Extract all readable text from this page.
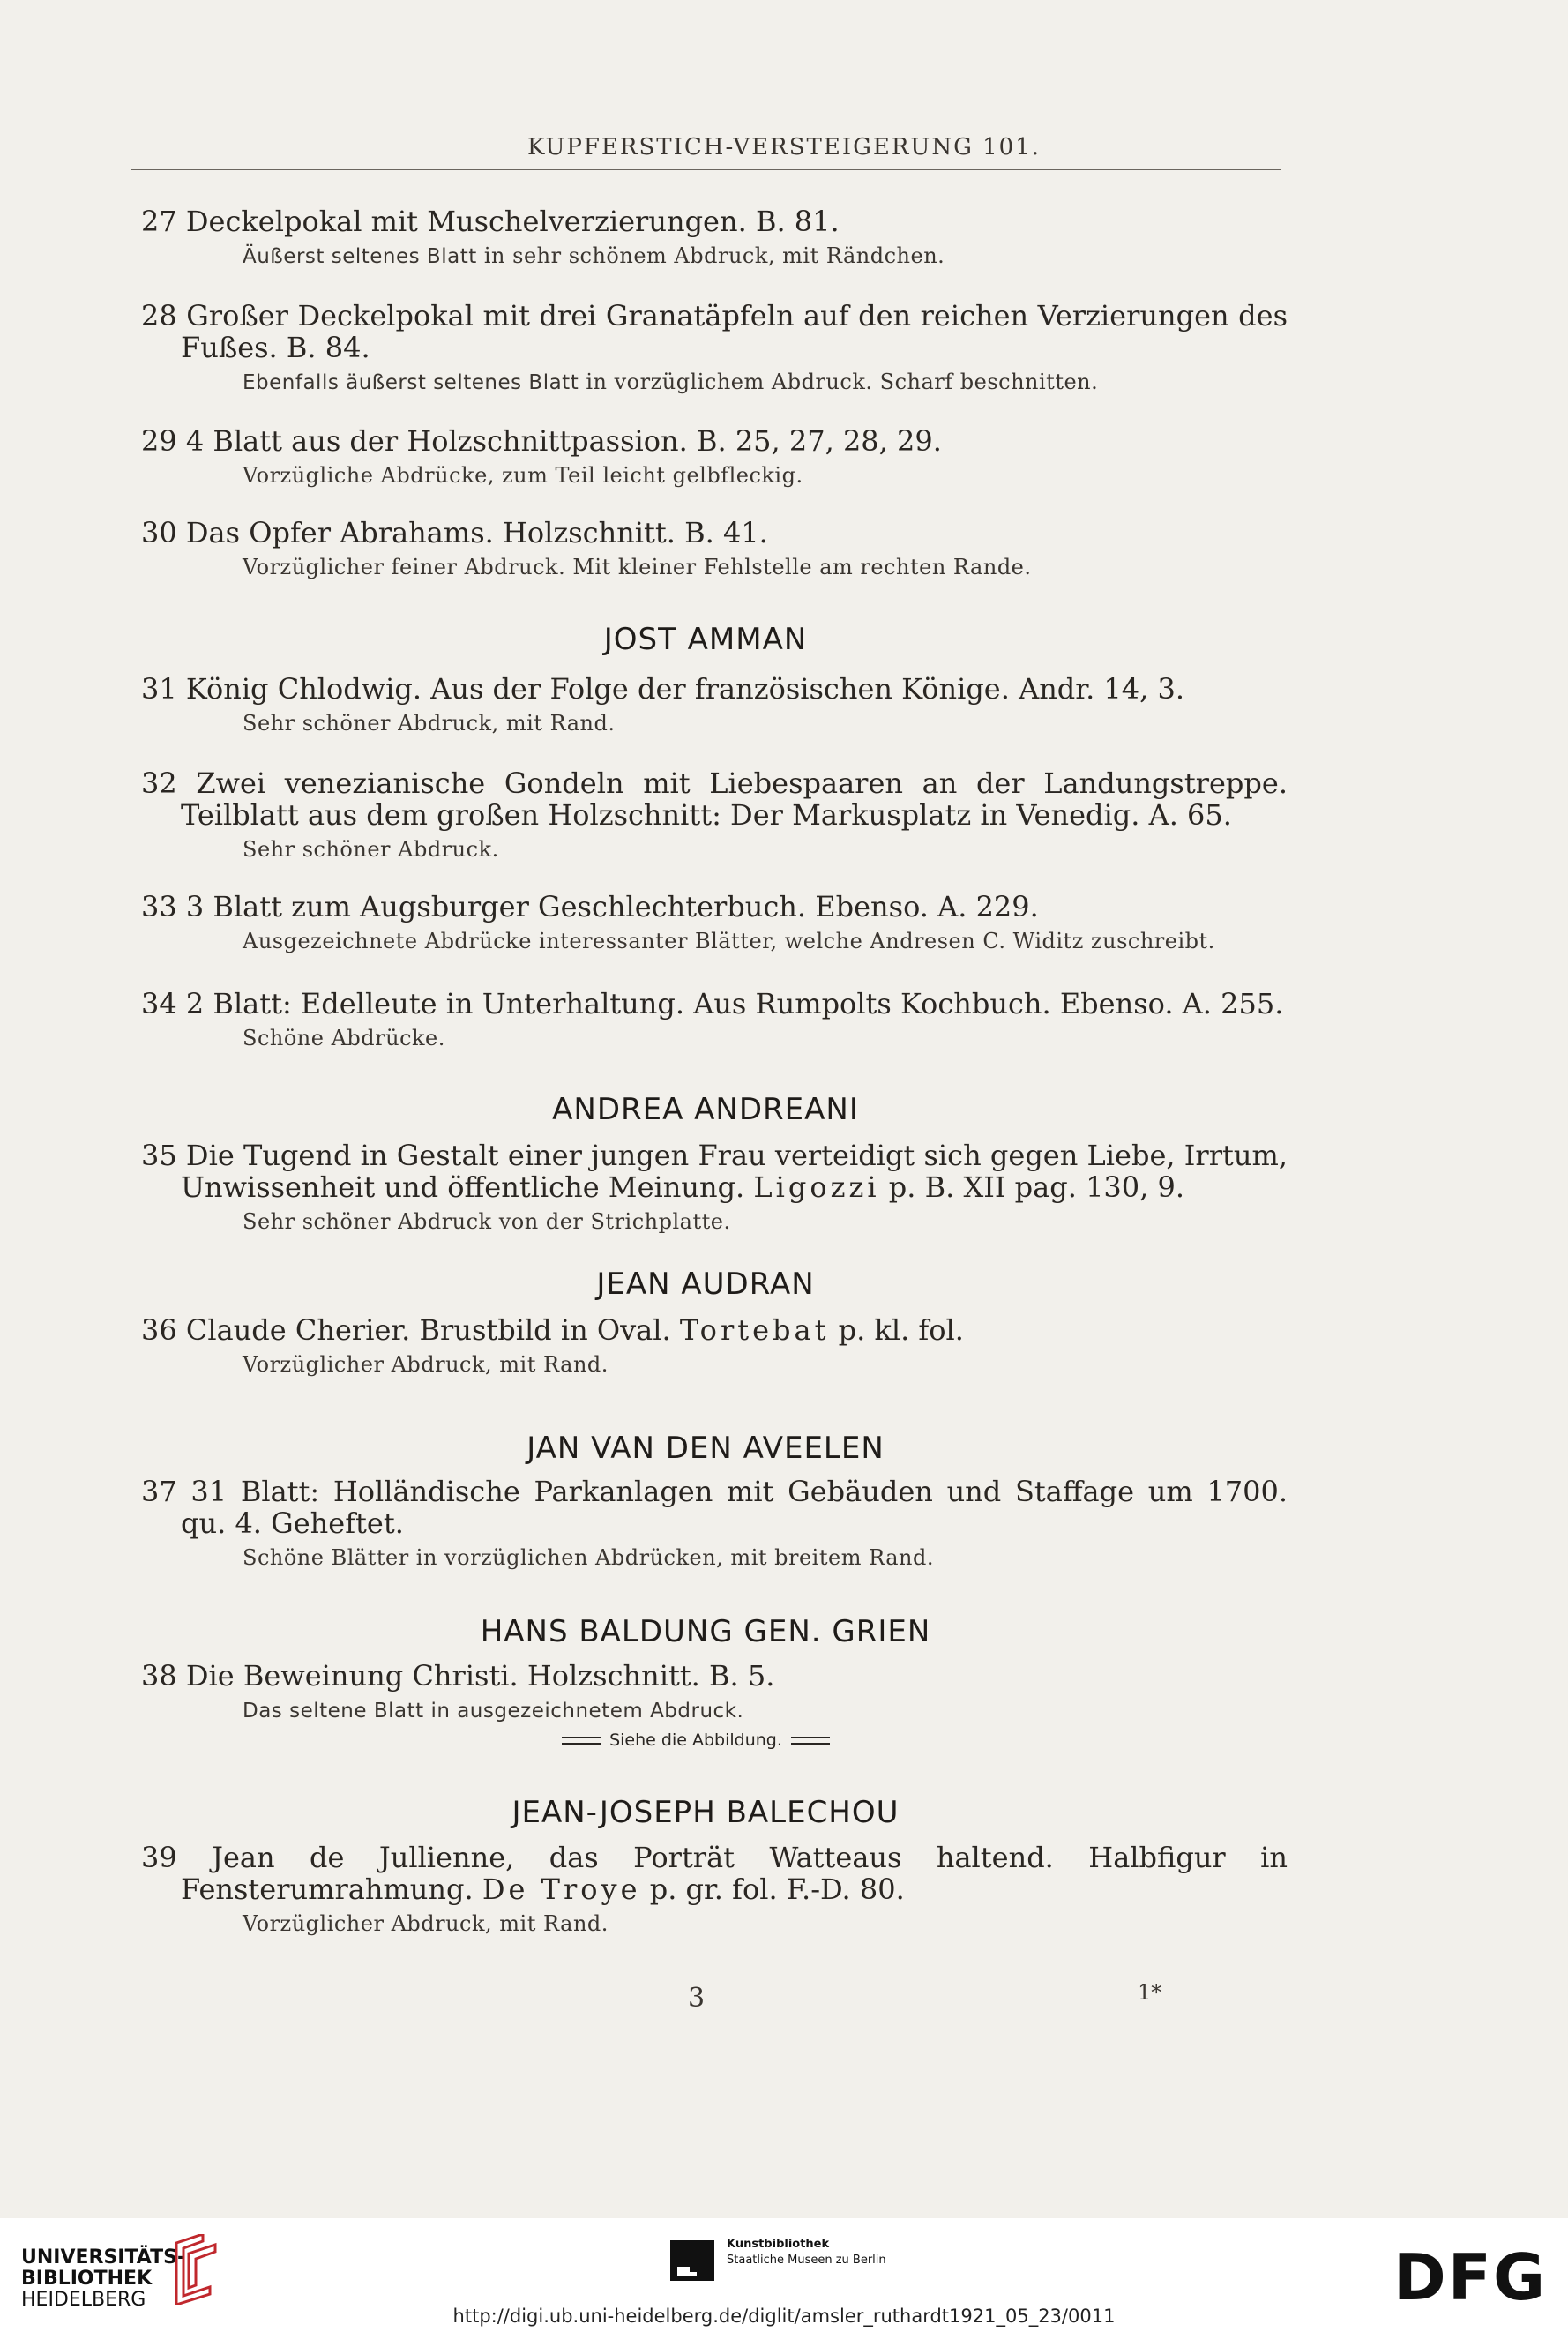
KUPFERSTICH-VERSTEIGERUNG 101.
27 Deckelpokal mit Muschelverzierungen. B. 81.
Äußerst seltenes Blatt in sehr schönem Abdruck, mit Rändchen.
28 Großer Deckelpokal mit drei Granatäpfeln auf den reichen Verzierungen des Fußes. B. 84.
Ebenfalls äußerst seltenes Blatt in vorzüglichem Abdruck. Scharf beschnitten.
29 4 Blatt aus der Holzschnittpassion. B. 25, 27, 28, 29.
Vorzügliche Abdrücke, zum Teil leicht gelbfleckig.
30 Das Opfer Abrahams. Holzschnitt. B. 41.
Vorzüglicher feiner Abdruck. Mit kleiner Fehlstelle am rechten Rande.
JOST AMMAN
31 König Chlodwig. Aus der Folge der französischen Könige. Andr. 14, 3.
Sehr schöner Abdruck, mit Rand.
32 Zwei venezianische Gondeln mit Liebespaaren an der Landungstreppe. Teilblatt aus dem großen Holzschnitt: Der Markusplatz in Venedig. A. 65.
Sehr schöner Abdruck.
33 3 Blatt zum Augsburger Geschlechterbuch. Ebenso. A. 229.
Ausgezeichnete Abdrücke interessanter Blätter, welche Andresen C. Widitz zuschreibt.
34 2 Blatt: Edelleute in Unterhaltung. Aus Rumpolts Kochbuch. Ebenso. A. 255.
Schöne Abdrücke.
ANDREA ANDREANI
35 Die Tugend in Gestalt einer jungen Frau verteidigt sich gegen Liebe, Irrtum, Unwissenheit und öffentliche Meinung. Ligozzi p. B. XII pag. 130, 9.
Sehr schöner Abdruck von der Strichplatte.
JEAN AUDRAN
36 Claude Cherier. Brustbild in Oval. Tortebat p. kl. fol.
Vorzüglicher Abdruck, mit Rand.
JAN VAN DEN AVEELEN
37 31 Blatt: Holländische Parkanlagen mit Gebäuden und Staffage um 1700. qu. 4. Geheftet.
Schöne Blätter in vorzüglichen Abdrücken, mit breitem Rand.
HANS BALDUNG GEN. GRIEN
38 Die Beweinung Christi. Holzschnitt. B. 5.
Das seltene Blatt in ausgezeichnetem Abdruck.
Siehe die Abbildung.
JEAN-JOSEPH BALECHOU
39 Jean de Jullienne, das Porträt Watteaus haltend. Halbfigur in Fensterumrahmung. De Troye p. gr. fol. F.-D. 80.
Vorzüglicher Abdruck, mit Rand.
3	1*
UNIVERSITÄTS-
BIBLIOTHEK
HEIDELBERG
Kunstbibliothek
Staatliche Museen zu Berlin	DFG
http://digi.ub.uni-heidelberg.de/diglit/amsler_ruthardt1921_05_23/0011
